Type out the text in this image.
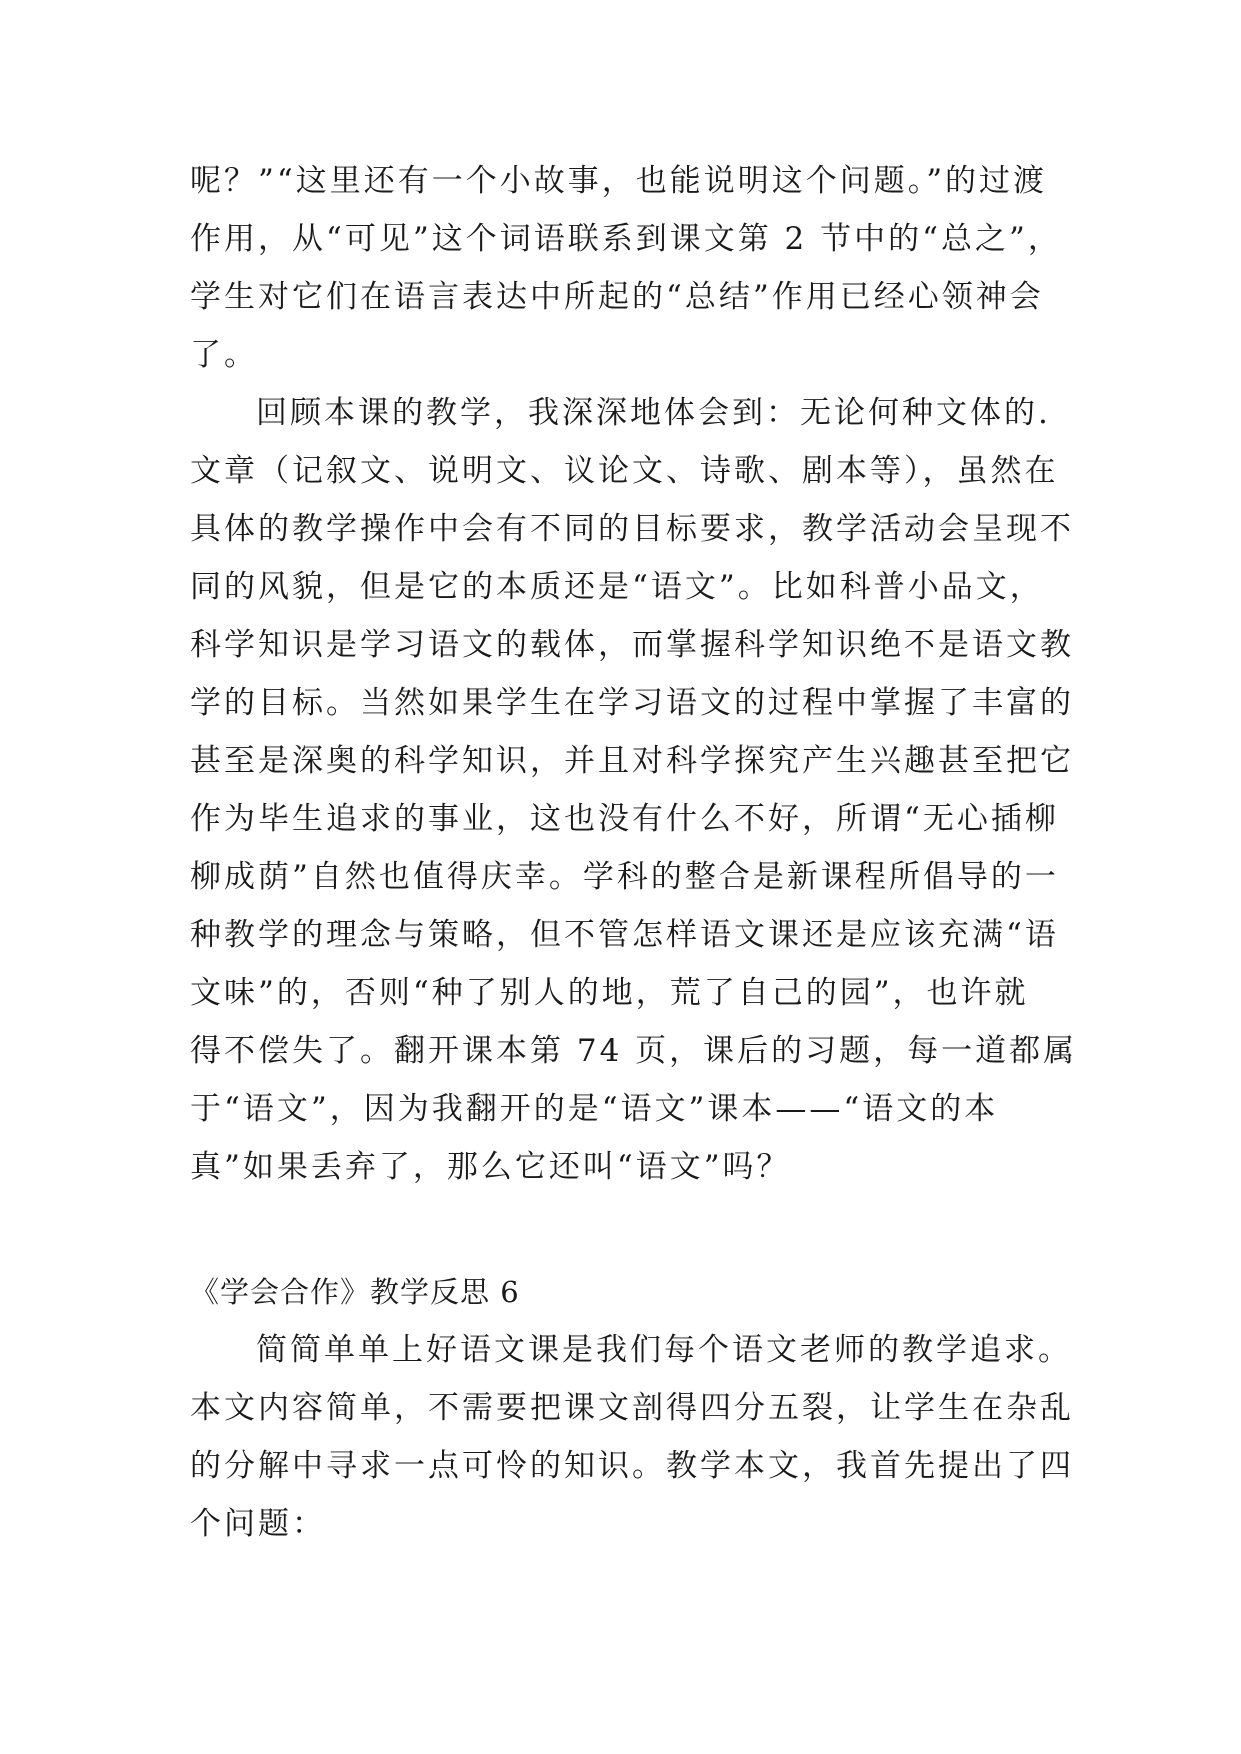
呢？”“这里还有一个小故事，也能说明这个问题。”的过渡
作用，从“可见”这个词语联系到课文第 2 节中的“总之”，
学生对它们在语言表达中所起的“总结”作用已经心领神会
了。
回顾本课的教学，我深深地体会到：无论何种文体的.
文章（记叙文、说明文、议论文、诗歌、剧本等），虽然在
具体的教学操作中会有不同的目标要求，教学活动会呈现不
同的风貌，但是它的本质还是“语文”。比如科普小品文，
科学知识是学习语文的载体，而掌握科学知识绝不是语文教
学的目标。当然如果学生在学习语文的过程中掌握了丰富的
甚至是深奥的科学知识，并且对科学探究产生兴趣甚至把它
作为毕生追求的事业，这也没有什么不好，所谓“无心插柳
柳成荫”自然也值得庆幸。学科的整合是新课程所倡导的一
种教学的理念与策略，但不管怎样语文课还是应该充满“语
文味”的，否则“种了别人的地，荒了自己的园”，也许就
得不偿失了。翻开课本第 74 页，课后的习题，每一道都属
于“语文”，因为我翻开的是“语文”课本——“语文的本
真”如果丢弃了，那么它还叫“语文”吗？
《学会合作》教学反思 6
简简单单上好语文课是我们每个语文老师的教学追求。
本文内容简单，不需要把课文剖得四分五裂，让学生在杂乱
的分解中寻求一点可怜的知识。教学本文，我首先提出了四
个问题：
